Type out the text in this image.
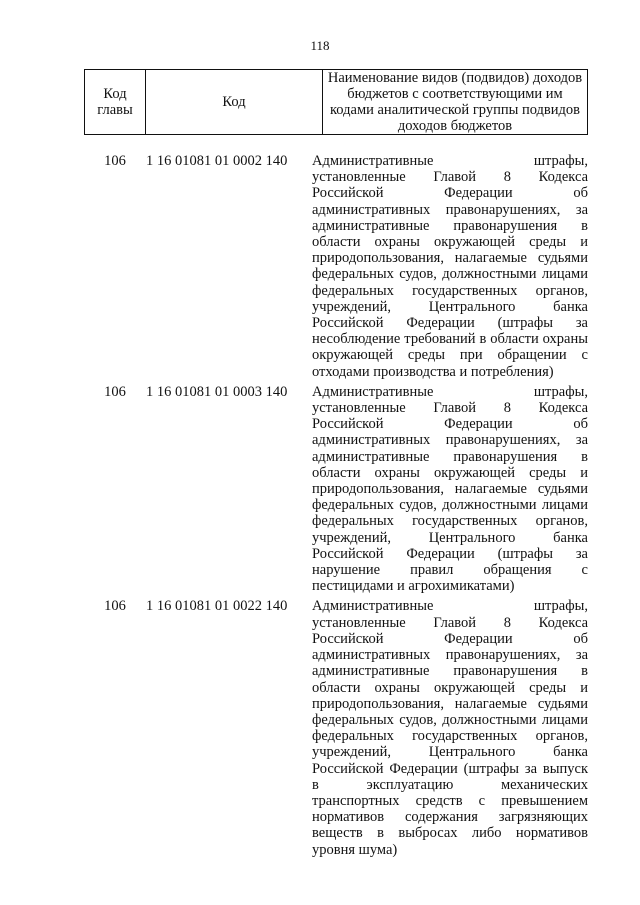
118
Код главы	Код	Наименование видов (подвидов) доходов бюджетов с соответствующими им кодами аналитической группы подвидов доходов бюджетов
106	1 16 01081 01 0002 140	Административные штрафы, установленные Главой 8 Кодекса Российской Федерации об административных правонарушениях, за административные правонарушения в области охраны окружающей среды и природопользования, налагаемые судьями федеральных судов, должностными лицами федеральных государственных органов, учреждений, Центрального банка Российской Федерации (штрафы за несоблюдение требований в области охраны окружающей среды при обращении с отходами производства и потребления)
106	1 16 01081 01 0003 140	Административные штрафы, установленные Главой 8 Кодекса Российской Федерации об административных правонарушениях, за административные правонарушения в области охраны окружающей среды и природопользования, налагаемые судьями федеральных судов, должностными лицами федеральных государственных органов, учреждений, Центрального банка Российской Федерации (штрафы за нарушение правил обращения с пестицидами и агрохимикатами)
106	1 16 01081 01 0022 140	Административные штрафы, установленные Главой 8 Кодекса Российской Федерации об административных правонарушениях, за административные правонарушения в области охраны окружающей среды и природопользования, налагаемые судьями федеральных судов, должностными лицами федеральных государственных органов, учреждений, Центрального банка Российской Федерации (штрафы за выпуск в эксплуатацию механических транспортных средств с превышением нормативов содержания загрязняющих веществ в выбросах либо нормативов уровня шума)
